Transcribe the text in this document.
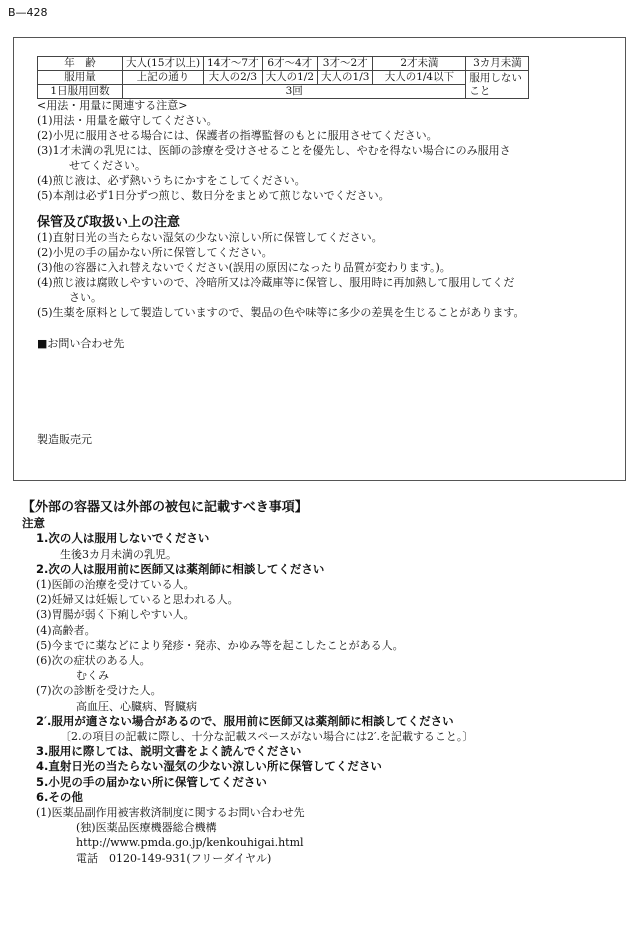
B—428
年　齢	大人(15才以上)	14才〜7才	6才〜4才	3才〜2才	2才未満	3カ月未満
服用量	上記の通り	大人の2/3	大人の1/2	大人の1/3	大人の1/4以下	服用しない　こと
1日服用回数	3回					
<用法・用量に関連する注意>
(1)用法・用量を厳守してください。
(2)小児に服用させる場合には、保護者の指導監督のもとに服用させてください。
(3)1才未満の乳児には、医師の診療を受けさせることを優先し、やむを得ない場合にのみ服用さ
せてください。
(4)煎じ液は、必ず熱いうちにかすをこしてください。
(5)本剤は必ず1日分ずつ煎じ、数日分をまとめて煎じないでください。
保管及び取扱い上の注意
(1)直射日光の当たらない湿気の少ない涼しい所に保管してください。
(2)小児の手の届かない所に保管してください。
(3)他の容器に入れ替えないでください(誤用の原因になったり品質が変わります。)。
(4)煎じ液は腐敗しやすいので、冷暗所又は冷蔵庫等に保管し、服用時に再加熱して服用してくだ
さい。
(5)生薬を原料として製造していますので、製品の色や味等に多少の差異を生じることがあります。
■お問い合わせ先
製造販売元
【外部の容器又は外部の被包に記載すべき事項】
注意
1.次の人は服用しないでください
生後3カ月未満の乳児。
2.次の人は服用前に医師又は薬剤師に相談してください
(1)医師の治療を受けている人。
(2)妊婦又は妊娠していると思われる人。
(3)胃腸が弱く下痢しやすい人。
(4)高齢者。
(5)今までに薬などにより発疹・発赤、かゆみ等を起こしたことがある人。
(6)次の症状のある人。
むくみ
(7)次の診断を受けた人。
高血圧、心臓病、腎臓病
2′.服用が適さない場合があるので、服用前に医師又は薬剤師に相談してください
〔2.の項目の記載に際し、十分な記載スペースがない場合には2′.を記載すること。〕
3.服用に際しては、説明文書をよく読んでください
4.直射日光の当たらない湿気の少ない涼しい所に保管してください
5.小児の手の届かない所に保管してください
6.その他
(1)医薬品副作用被害救済制度に関するお問い合わせ先
(独)医薬品医療機器総合機構
http://www.pmda.go.jp/kenkouhigai.html
電話　0120-149-931(フリーダイヤル)
